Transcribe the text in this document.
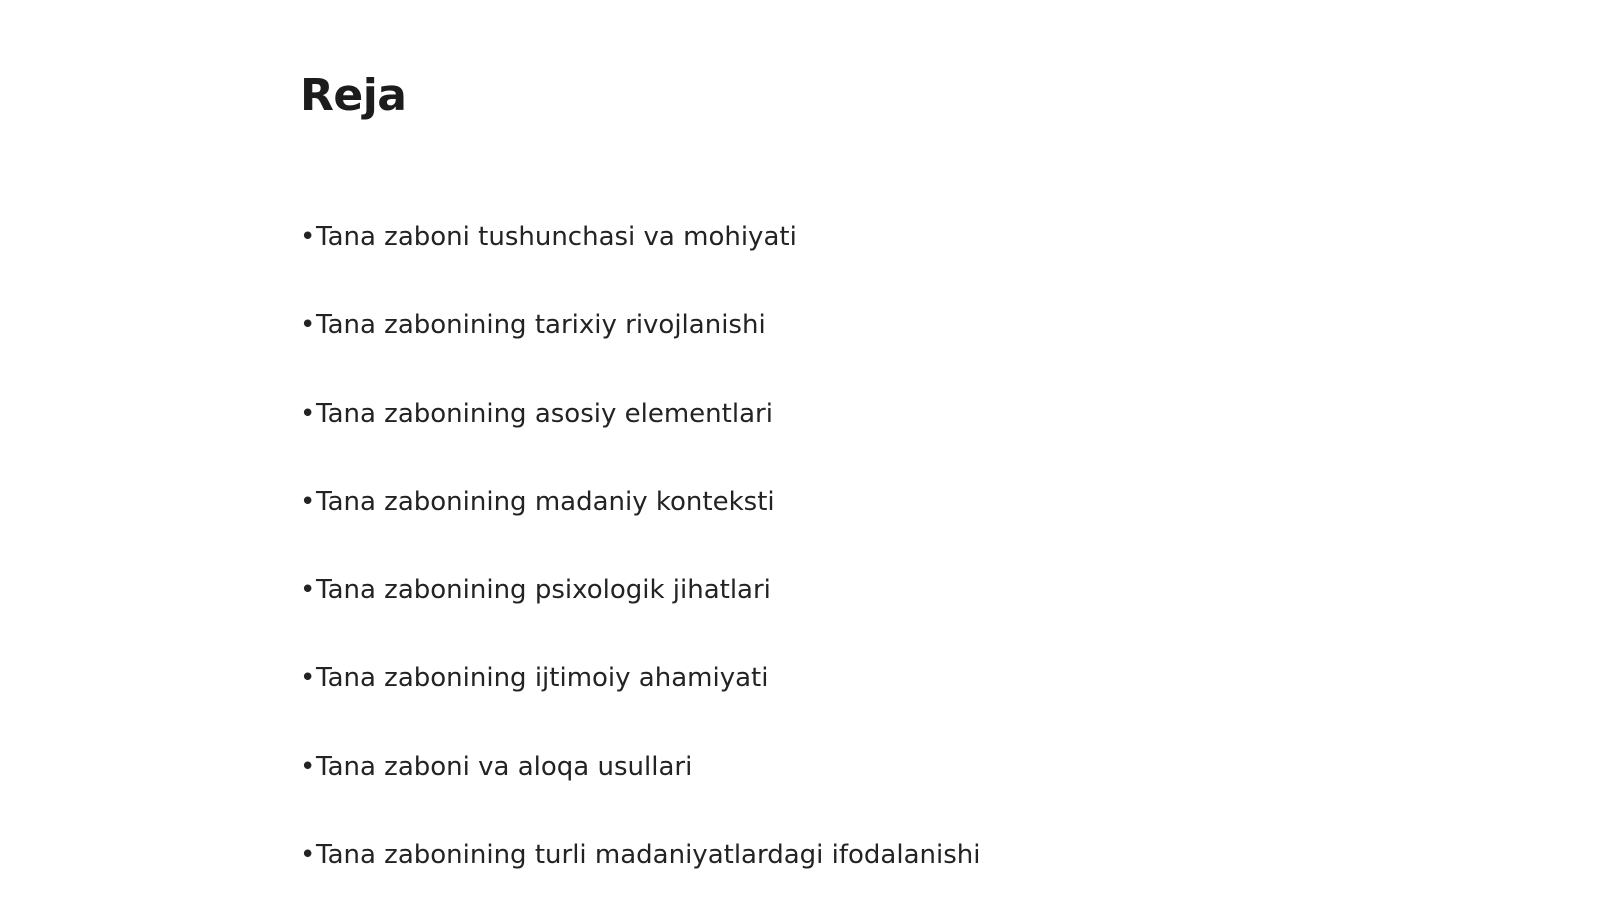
Reja
•Tana zaboni tushunchasi va mohiyati
•Tana zabonining tarixiy rivojlanishi
•Tana zabonining asosiy elementlari
•Tana zabonining madaniy konteksti
•Tana zabonining psixologik jihatlari
•Tana zabonining ijtimoiy ahamiyati
•Tana zaboni va aloqa usullari
•Tana zabonining turli madaniyatlardagi ifodalanishi
